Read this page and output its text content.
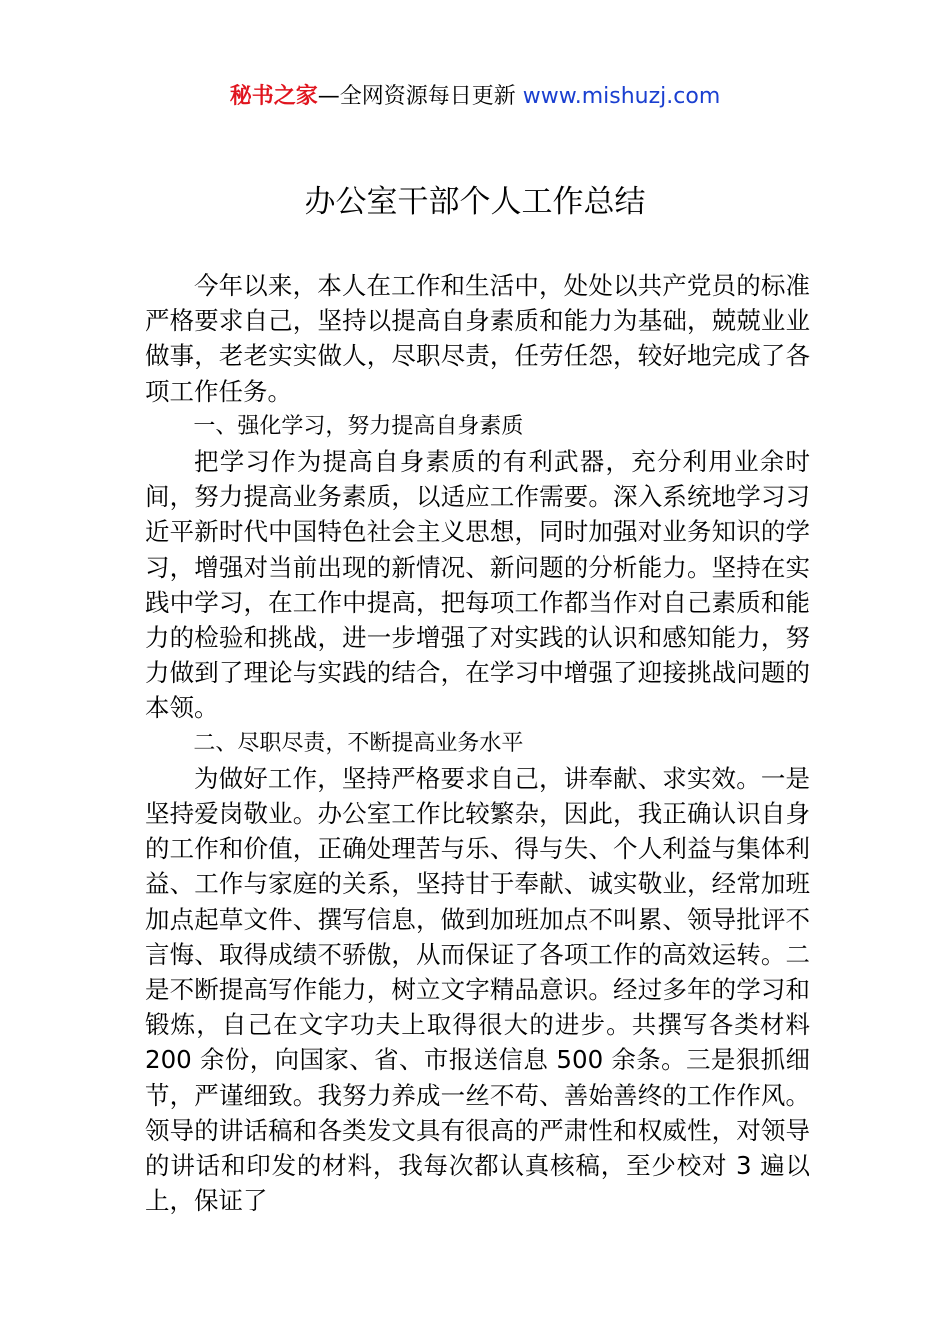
秘书之家—全网资源每日更新 www.mishuzj.com
办公室干部个人工作总结

今年以来，本人在工作和生活中，处处以共产党员的标准严格要求自己，坚持以提高自身素质和能力为基础，兢兢业业做事，老老实实做人，尽职尽责，任劳任怨，较好地完成了各项工作任务。

一、强化学习，努力提高自身素质

把学习作为提高自身素质的有利武器，充分利用业余时间，努力提高业务素质，以适应工作需要。深入系统地学习习近平新时代中国特色社会主义思想，同时加强对业务知识的学习，增强对当前出现的新情况、新问题的分析能力。坚持在实践中学习，在工作中提高，把每项工作都当作对自己素质和能力的检验和挑战，进一步增强了对实践的认识和感知能力，努力做到了理论与实践的结合，在学习中增强了迎接挑战问题的本领。

二、尽职尽责，不断提高业务水平

为做好工作，坚持严格要求自己，讲奉献、求实效。一是坚持爱岗敬业。办公室工作比较繁杂，因此，我正确认识自身的工作和价值，正确处理苦与乐、得与失、个人利益与集体利益、工作与家庭的关系，坚持甘于奉献、诚实敬业，经常加班加点起草文件、撰写信息，做到加班加点不叫累、领导批评不言悔、取得成绩不骄傲，从而保证了各项工作的高效运转。二是不断提高写作能力，树立文字精品意识。经过多年的学习和锻炼，自己在文字功夫上取得很大的进步。共撰写各类材料 200 余份，向国家、省、市报送信息 500 余条。三是狠抓细节，严谨细致。我努力养成一丝不苟、善始善终的工作作风。领导的讲话稿和各类发文具有很高的严肃性和权威性，对领导的讲话和印发的材料，我每次都认真核稿，至少校对 3 遍以上，保证了
